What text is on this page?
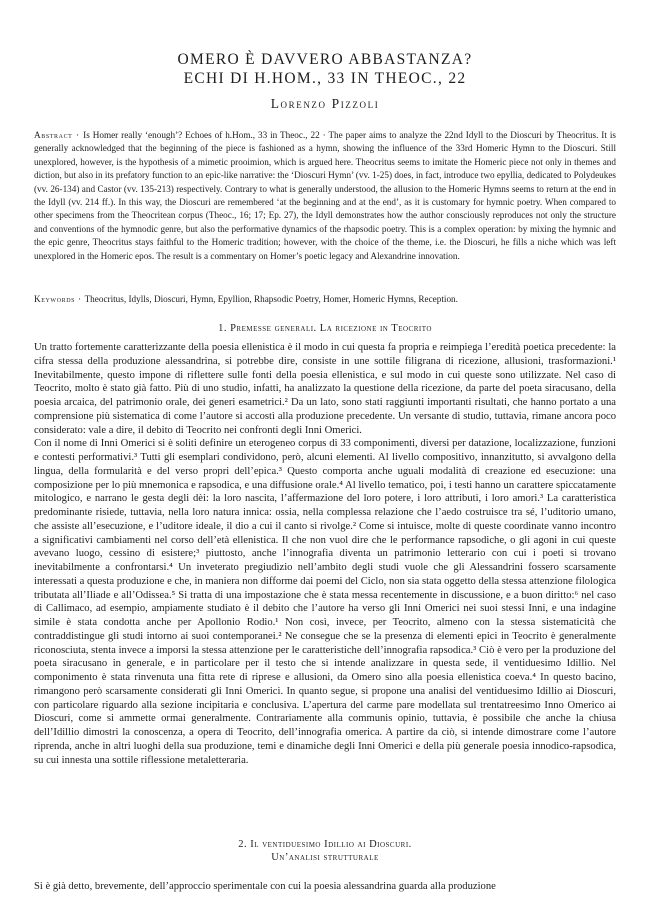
OMERO È DAVVERO ABBASTANZA?
ECHI DI H.HOM., 33 IN THEOC., 22
Lorenzo Pizzoli
Abstract · Is Homer really ‘enough’? Echoes of h.Hom., 33 in Theoc., 22 · The paper aims to analyze the 22nd Idyll to the Dioscuri by Theocritus. It is generally acknowledged that the beginning of the piece is fashioned as a hymn, showing the influence of the 33rd Homeric Hymn to the Dioscuri. Still unexplored, however, is the hypothesis of a mimetic prooimion, which is argued here. Theocritus seems to imitate the Homeric piece not only in themes and diction, but also in its prefatory function to an epic-like narrative: the ‘Dioscuri Hymn’ (vv. 1-25) does, in fact, introduce two epyllia, dedicated to Polydeukes (vv. 26-134) and Castor (vv. 135-213) respectively. Contrary to what is generally understood, the allusion to the Homeric Hymns seems to return at the end in the Idyll (vv. 214 ff.). In this way, the Dioscuri are remembered ‘at the beginning and at the end’, as it is customary for hymnic poetry. When compared to other specimens from the Theocritean corpus (Theoc., 16; 17; Ep. 27), the Idyll demonstrates how the author consciously reproduces not only the structure and conventions of the hymnodic genre, but also the performative dynamics of the rhapsodic poetry. This is a complex operation: by mixing the hymnic and the epic genre, Theocritus stays faithful to the Homeric tradition; however, with the choice of the theme, i.e. the Dioscuri, he fills a niche which was left unexplored in the Homeric epos. The result is a commentary on Homer’s poetic legacy and Alexandrine innovation.
Keywords · Theocritus, Idylls, Dioscuri, Hymn, Epyllion, Rhapsodic Poetry, Homer, Homeric Hymns, Reception.
1. Premesse generali. La ricezione in Teocrito

Un tratto fortemente caratterizzante della poesia ellenistica è il modo in cui questa fa propria e reimpiega l’eredità poetica precedente: la cifra stessa della produzione alessandrina, si potrebbe dire, consiste in une sottile filigrana di ricezione, allusioni, trasformazioni.¹ Inevitabilmente, questo impone di riflettere sulle fonti della poesia ellenistica, e sul modo in cui queste sono utilizzate. Nel caso di Teocrito, molto è stato già fatto. Più di uno studio, infatti, ha analizzato la questione della ricezione, da parte del poeta siracusano, della poesia arcaica, del patrimonio orale, dei generi esametrici.² Da un lato, sono stati raggiunti importanti risultati, che hanno portato a una comprensione più sistematica di come l’autore si accostì alla produzione precedente. Un versante di studio, tuttavia, rimane ancora poco considerato: vale a dire, il debito di Teocrito nei confronti degli Inni Omerici.

Con il nome di Inni Omerici si è soliti definire un eterogeneo corpus di 33 componimenti, diversi per datazione, localizzazione, funzioni e contesti performativi.³ Tutti gli esemplari condividono, però, alcuni elementi. Al livello compositivo, innanzitutto, si avvalgono della lingua, della formularità e del verso propri dell’epica.³ Questo comporta anche uguali modalità di creazione ed esecuzione: una composizione per lo più mnemonica e rapsodica, e una diffusione orale.⁴ Al livello tematico, poi, i testi hanno un carattere spiccatamente mitologico, e narrano le gesta degli dèi: la loro nascita, l’affermazione del loro potere, i loro attributi, i loro amori.³ La caratteristica predominante risiede, tuttavia, nella loro natura innica: ossia, nella complessa relazione che l’aedo costruisce tra sé, l’uditorio umano, che assiste all’esecuzione, e l’uditore ideale, il dio a cui il canto si rivolge.² Come si intuisce, molte di queste coordinate vanno incontro a significativi cambiamenti nel corso dell’età ellenistica. Il che non vuol dire che le performance rapsodiche, o gli agoni in cui queste avevano luogo, cessino di esistere;³ piuttosto, anche l’innografia diventa un patrimonio letterario con cui i poeti si trovano inevitabilmente a confrontarsi.⁴ Un inveterato pregiudizio nell’ambito degli studi vuole che gli Alessandrini fossero scarsamente interessati a questa produzione e che, in maniera non difforme dai poemi del Ciclo, non sia stata oggetto della stessa attenzione filologica tributata all’Iliade e all’Odissea.⁵ Si tratta di una impostazione che è stata messa recentemente in discussione, e a buon diritto:⁶ nel caso di Callimaco, ad esempio, ampiamente studiato è il debito che l’autore ha verso gli Inni Omerici nei suoi stessi Inni, e una indagine simile è stata condotta anche per Apollonio Rodio.¹ Non così, invece, per Teocrito, almeno con la stessa sistematicità che contraddistingue gli studi intorno ai suoi contemporanei.² Ne consegue che se la presenza di elementi epici in Teocrito è generalmente riconosciuta, stenta invece a imporsi la stessa attenzione per le caratteristiche dell’innografia rapsodica.³ Ciò è vero per la produzione del poeta siracusano in generale, e in particolare per il testo che si intende analizzare in questa sede, il ventiduesimo Idillio. Nel componimento è stata rinvenuta una fitta rete di riprese e allusioni, da Omero sino alla poesia ellenistica coeva.⁴ In questo bacino, rimangono però scarsamente considerati gli Inni Omerici. In quanto segue, si propone una analisi del ventiduesimo Idillio ai Dioscuri, con particolare riguardo alla sezione incipitaria e conclusiva. L’apertura del carme pare modellata sul trentatreesimo Inno Omerico ai Dioscuri, come si ammette ormai generalmente. Contrariamente alla communis opinio, tuttavia, è possibile che anche la chiusa dell’Idillio dimostri la conoscenza, a opera di Teocrito, dell’innografia omerica. A partire da ciò, si intende dimostrare come l’autore riprenda, anche in altri luoghi della sua produzione, temi e dinamiche degli Inni Omerici e della più generale poesia innodico-rapsodica, su cui innesta una sottile riflessione metaletteraria.

2. Il ventiduesimo Idillio ai Dioscuri.
Un’analisi strutturale

Si è già detto, brevemente, dell’approccio sperimentale con cui la poesia alessandrina guarda alla produzione
